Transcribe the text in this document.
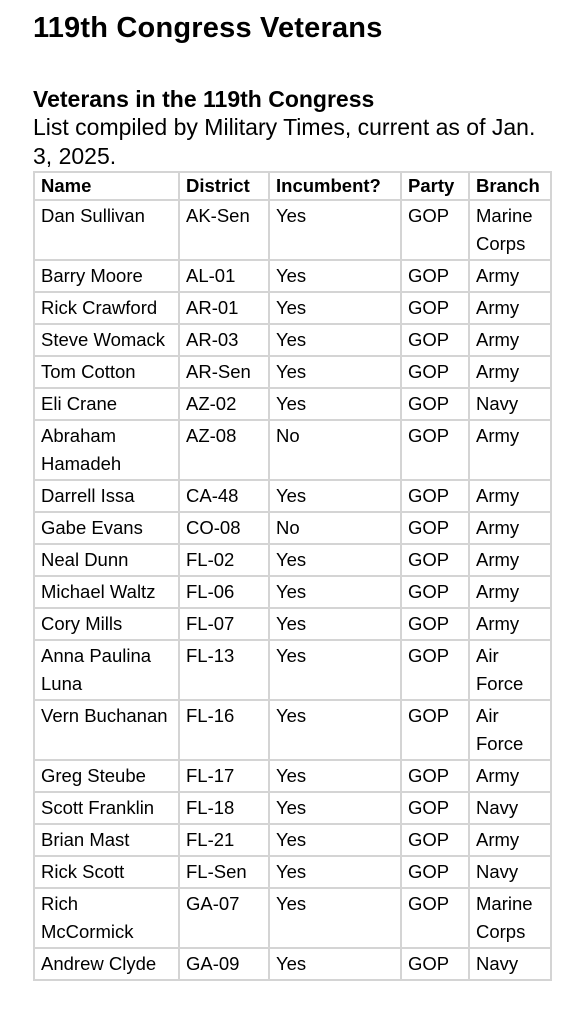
119th Congress Veterans
Veterans in the 119th Congress

List compiled by Military Times, current as of Jan. 3, 2025.

Name	District	Incumbent?	Party	Branch
Dan Sullivan	AK-Sen	Yes	GOP	Marine Corps
Barry Moore	AL-01	Yes	GOP	Army
Rick Crawford	AR-01	Yes	GOP	Army
Steve Womack	AR-03	Yes	GOP	Army
Tom Cotton	AR-Sen	Yes	GOP	Army
Eli Crane	AZ-02	Yes	GOP	Navy
Abraham Hamadeh	AZ-08	No	GOP	Army
Darrell Issa	CA-48	Yes	GOP	Army
Gabe Evans	CO-08	No	GOP	Army
Neal Dunn	FL-02	Yes	GOP	Army
Michael Waltz	FL-06	Yes	GOP	Army
Cory Mills	FL-07	Yes	GOP	Army
Anna Paulina Luna	FL-13	Yes	GOP	Air Force
Vern Buchanan	FL-16	Yes	GOP	Air Force
Greg Steube	FL-17	Yes	GOP	Army
Scott Franklin	FL-18	Yes	GOP	Navy
Brian Mast	FL-21	Yes	GOP	Army
Rick Scott	FL-Sen	Yes	GOP	Navy
Rich McCormick	GA-07	Yes	GOP	Marine Corps
Andrew Clyde	GA-09	Yes	GOP	Navy
